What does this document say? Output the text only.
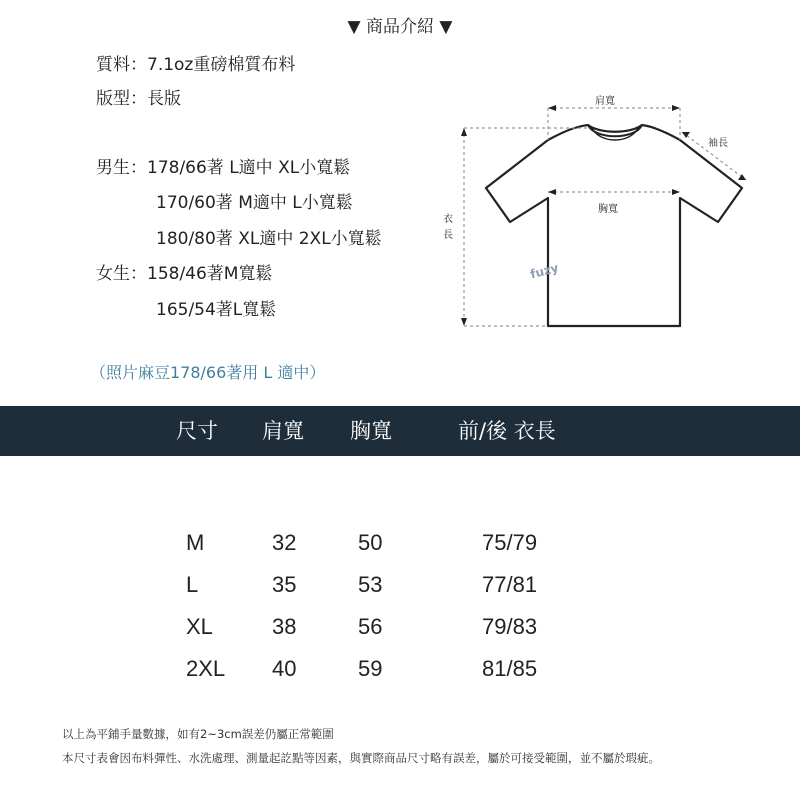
▼ 商品介紹 ▼
質料：7.1oz重磅棉質布料
版型：長版
男生：178/66著 L適中 XL小寬鬆
170/60著 M適中 L小寬鬆
180/80著 XL適中 2XL小寬鬆
女生：158/46著M寬鬆
165/54著L寬鬆
（照片麻豆178/66著用 L 適中）
肩寬
袖長
胸寬
衣
長
fuzy
尺寸 肩寬 胸寬	前/後 衣長
M	32	50	75/79
L	35	53	77/81
XL	38	56	79/83
2XL 40	59	81/85
以上為平鋪手量數據，如有2~3cm誤差仍屬正常範圍
本尺寸表會因布料彈性、水洗處理、測量起訖點等因素，與實際商品尺寸略有誤差，屬於可接受範圍，並不屬於瑕疵。
